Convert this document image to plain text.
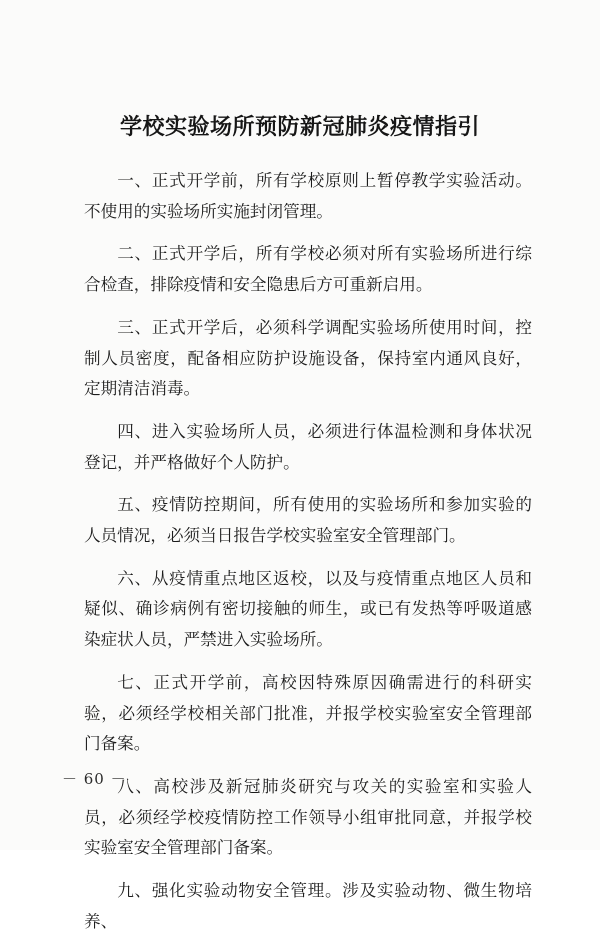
学校实验场所预防新冠肺炎疫情指引

一、正式开学前，所有学校原则上暂停教学实验活动。不使用的实验场所实施封闭管理。

二、正式开学后，所有学校必须对所有实验场所进行综合检查，排除疫情和安全隐患后方可重新启用。

三、正式开学后，必须科学调配实验场所使用时间，控制人员密度，配备相应防护设施设备，保持室内通风良好，定期清洁消毒。

四、进入实验场所人员，必须进行体温检测和身体状况登记，并严格做好个人防护。

五、疫情防控期间，所有使用的实验场所和参加实验的人员情况，必须当日报告学校实验室安全管理部门。

六、从疫情重点地区返校，以及与疫情重点地区人员和疑似、确诊病例有密切接触的师生，或已有发热等呼吸道感染症状人员，严禁进入实验场所。

七、正式开学前，高校因特殊原因确需进行的科研实验，必须经学校相关部门批准，并报学校实验室安全管理部门备案。

八、高校涉及新冠肺炎研究与攻关的实验室和实验人员，必须经学校疫情防控工作领导小组审批同意，并报学校实验室安全管理部门备案。

九、强化实验动物安全管理。涉及实验动物、微生物培养、

－ 60 －
